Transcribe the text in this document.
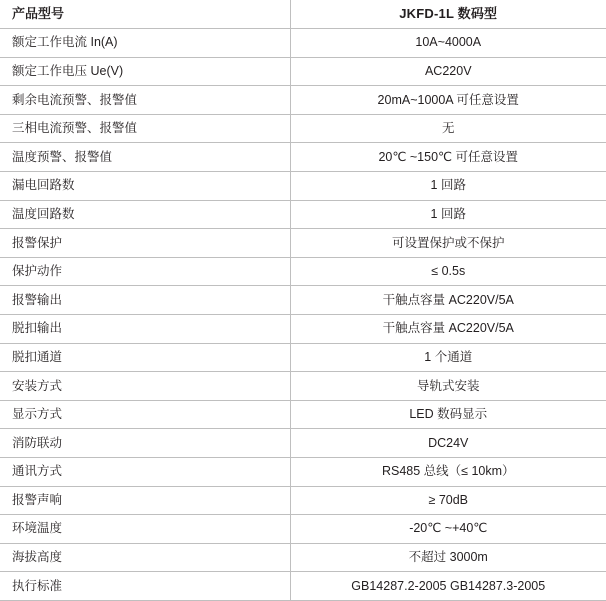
产品型号	JKFD-1L 数码型
额定工作电流 In(A)	10A~4000A
额定工作电压 Ue(V)	AC220V
剩余电流预警、报警值	20mA~1000A 可任意设置
三相电流预警、报警值	无
温度预警、报警值	20℃ ~150℃ 可任意设置
漏电回路数	1 回路
温度回路数	1 回路
报警保护	可设置保护或不保护
保护动作	≤ 0.5s
报警输出	干触点容量 AC220V/5A
脱扣输出	干触点容量 AC220V/5A
脱扣通道	1 个通道
安装方式	导轨式安装
显示方式	LED 数码显示
消防联动	DC24V
通讯方式	RS485 总线（≤ 10km）
报警声响	≥ 70dB
环境温度	-20℃ ~+40℃
海拔高度	不超过 3000m
执行标准	GB14287.2-2005 GB14287.3-2005
